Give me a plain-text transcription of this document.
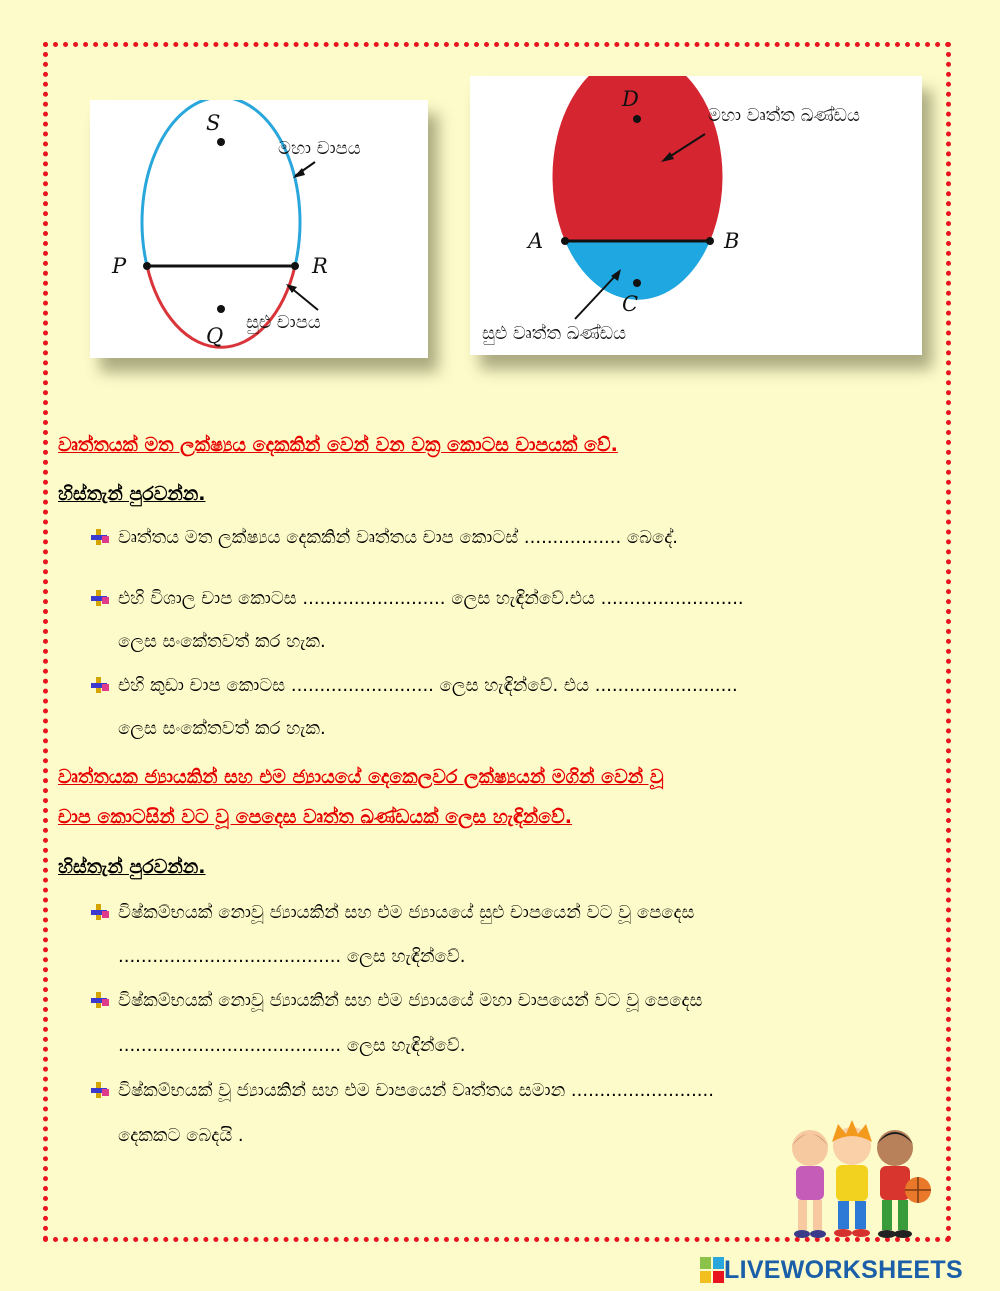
S
P	R
Q
මහා චාපය
සුළු චාපය
D
A	B
C
මහා වෘත්ත ඛණ්ඩය
සුළු වෘත්ත ඛණ්ඩය

වෘත්තයක් මත ලක්ෂ්‍යය දෙකකින් වෙන් වන වක්‍ර කොටස චාපයක් වේ.

හිස්තැන් පුරවන්න.

වෘත්තය මත ලක්ෂ්‍යය දෙකකින් වෘත්තය චාප කොටස් ................. බෙදේ.

එහි විශාල චාප කොටස ......................... ලෙස හැඳින්වේ.එය .........................

ලෙස සංකේතවත් කර හැක.

එහි කුඩා චාප කොටස ......................... ලෙස හැඳින්වේ. එය .........................

ලෙස සංකේතවත් කර හැක.

වෘත්තයක ජ්‍යායකින් සහ එම ජ්‍යායයේ දෙකෙලවර ලක්ෂ්‍යයන් මගින් වෙන් වූ

චාප කොටසින් වට වූ පෙදෙස වෘත්ත ඛණ්ඩයක් ලෙස හැඳින්වේ.

හිස්තැන් පුරවන්න.

විෂ්කම්භයක් නොවූ ජ්‍යායකින් සහ එම ජ්‍යායයේ සුළු චාපයෙන් වට වූ පෙදෙස

....................................... ලෙස හැඳින්වේ.

විෂ්කම්භයක් නොවූ ජ්‍යායකින් සහ එම ජ්‍යායයේ මහා චාපයෙන් වට වූ පෙදෙස

....................................... ලෙස හැඳින්වේ.

විෂ්කම්භයක් වූ ජ්‍යායකින් සහ එම චාපයෙන් වෘත්තය සමාන .........................

දෙකකට බෙදයි .

LIVEWORKSHEETS
